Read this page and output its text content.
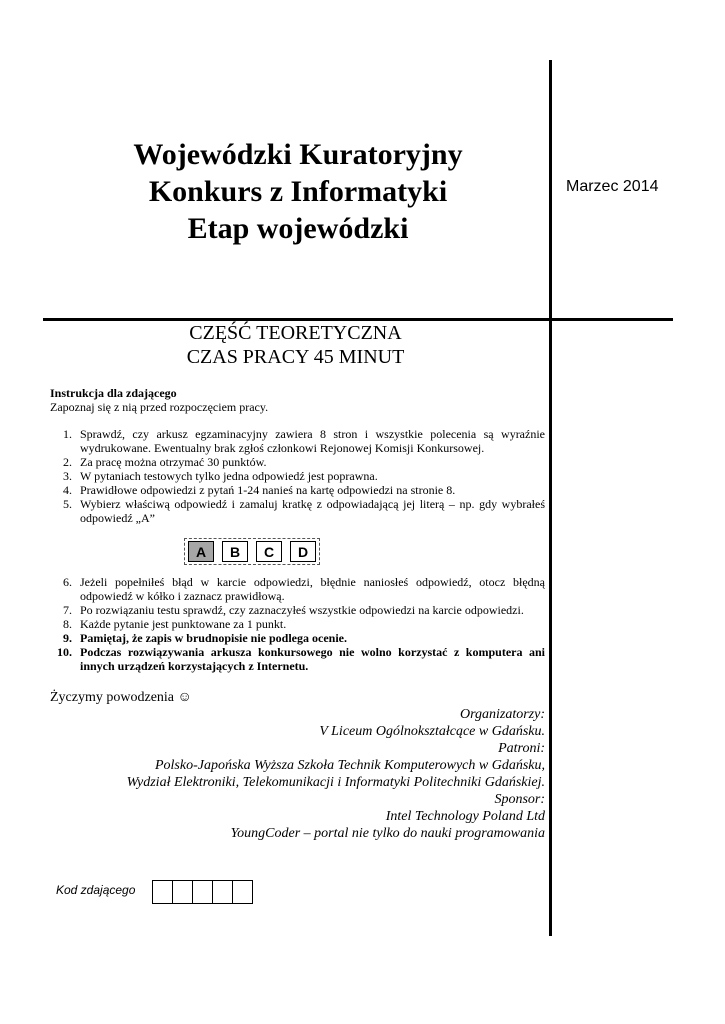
Wojewódzki Kuratoryjny
Konkurs z Informatyki
Etap wojewódzki
Marzec 2014
CZĘŚĆ TEORETYCZNA
CZAS PRACY 45 MINUT
Instrukcja dla zdającego
Zapoznaj się z nią przed rozpoczęciem pracy.
1. Sprawdź, czy arkusz egzaminacyjny zawiera 8 stron i wszystkie polecenia są wyraźnie wydrukowane. Ewentualny brak zgłoś członkowi Rejonowej Komisji Konkursowej.
2. Za pracę można otrzymać 30 punktów.
3. W pytaniach testowych tylko jedna odpowiedź jest poprawna.
4. Prawidłowe odpowiedzi z pytań 1-24 nanieś na kartę odpowiedzi na stronie 8.
5. Wybierz właściwą odpowiedź i zamaluj kratkę z odpowiadającą jej literą – np. gdy wybrałeś odpowiedź „A”
A	B	C	D
6. Jeżeli popełniłeś błąd w karcie odpowiedzi, błędnie naniosłeś odpowiedź, otocz błędną odpowiedź w kółko i zaznacz prawidłową.
7. Po rozwiązaniu testu sprawdź, czy zaznaczyłeś wszystkie odpowiedzi na karcie odpowiedzi.
8. Każde pytanie jest punktowane za 1 punkt.
9. Pamiętaj, że zapis w brudnopisie nie podlega ocenie.
10. Podczas rozwiązywania arkusza konkursowego nie wolno korzystać z komputera ani innych urządzeń korzystających z Internetu.
Życzymy powodzenia ☺
Organizatorzy:
V Liceum Ogólnokształcące w Gdańsku.
Patroni:
Polsko-Japońska Wyższa Szkoła Technik Komputerowych w Gdańsku,
Wydział Elektroniki, Telekomunikacji i Informatyki Politechniki Gdańskiej.
Sponsor:
Intel Technology Poland Ltd
YoungCoder – portal nie tylko do nauki programowania
Kod zdającego
